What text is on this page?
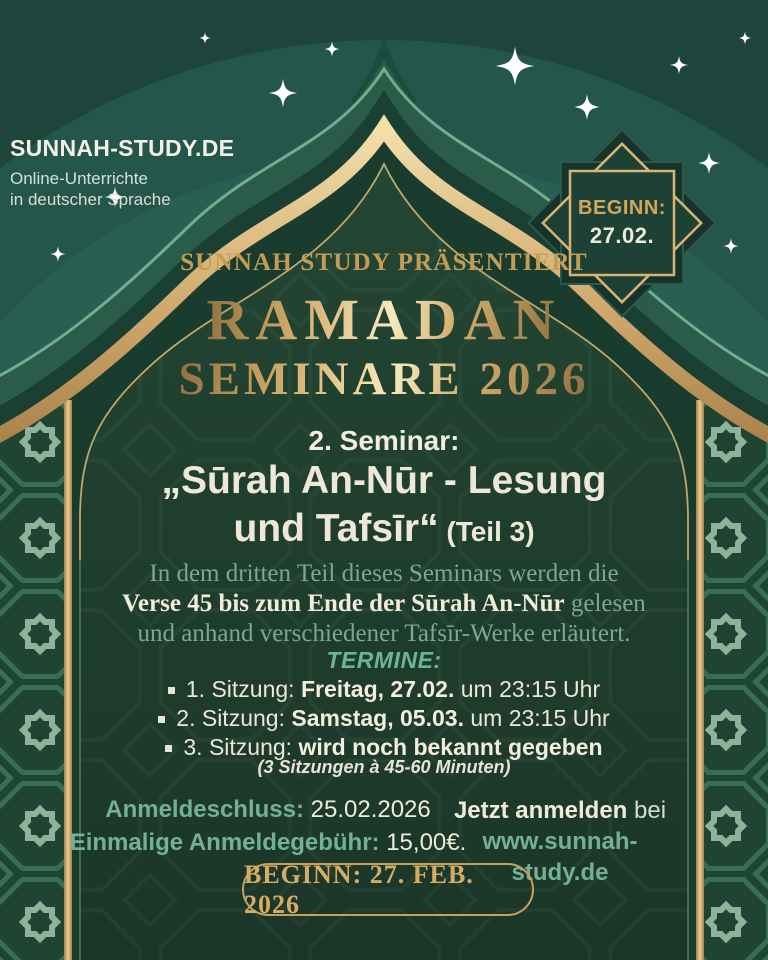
SUNNAH-STUDY.DE
Online-Unterrichte
in deutscher Sprache	BEGINN:
27.02.
SUNNAH STUDY PRÄSENTIERT
RAMADAN
SEMINARE 2026
2. Seminar:
„Sūrah An-Nūr - Lesung
und Tafsīr“ (Teil 3)
In dem dritten Teil dieses Seminars werden die
Verse 45 bis zum Ende der Sūrah An-Nūr gelesen
und anhand verschiedener Tafsīr-Werke erläutert.
TERMINE:
1. Sitzung: Freitag, 27.02. um 23:15 Uhr
2. Sitzung: Samstag, 05.03. um 23:15 Uhr
3. Sitzung: wird noch bekannt gegeben
(3 Sitzungen à 45-60 Minuten)
Anmeldeschluss: 25.02.2026
Einmalige Anmeldegebühr: 15,00€.
Jetzt anmelden bei
www.sunnah-study.de
BEGINN: 27. FEB. 2026
